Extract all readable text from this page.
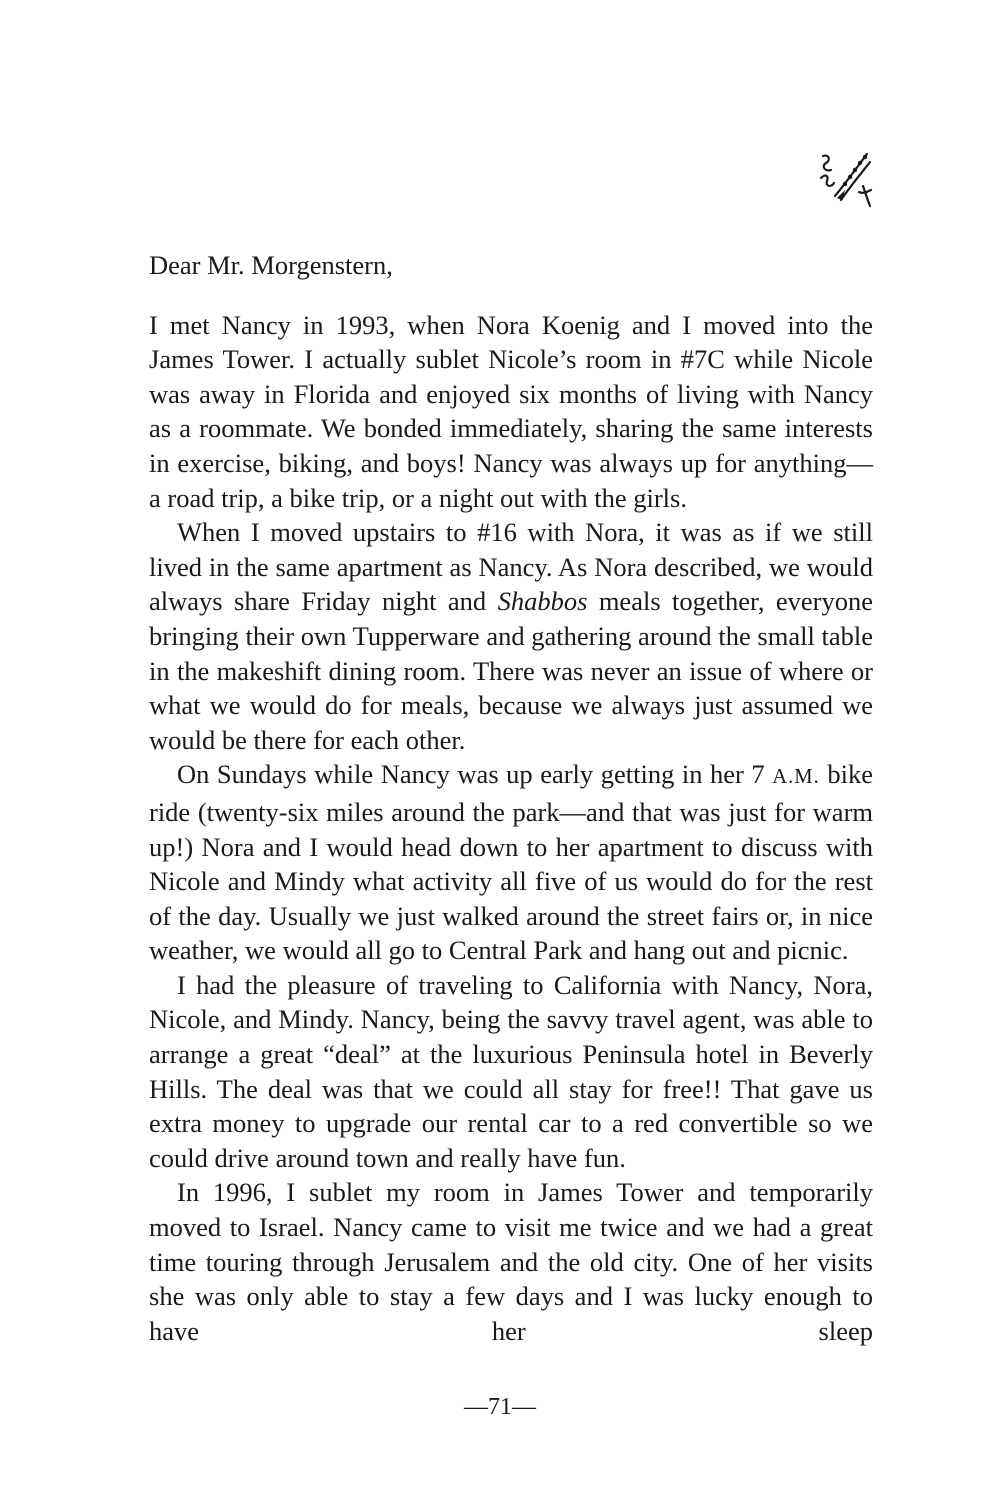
Dear Mr. Morgenstern,

I met Nancy in 1993, when Nora Koenig and I moved into the James Tower. I actually sublet Nicole’s room in #7C while Nicole was away in Florida and enjoyed six months of living with Nancy as a roommate. We bonded immediately, sharing the same interests in exercise, biking, and boys! Nancy was always up for anything— a road trip, a bike trip, or a night out with the girls.

When I moved upstairs to #16 with Nora, it was as if we still lived in the same apartment as Nancy. As Nora described, we would always share Friday night and Shabbos meals together, everyone bringing their own Tupperware and gathering around the small table in the makeshift dining room. There was never an issue of where or what we would do for meals, because we always just assumed we would be there for each other.

On Sundays while Nancy was up early getting in her 7 A.M. bike ride (twenty-six miles around the park—and that was just for warm up!) Nora and I would head down to her apartment to discuss with Nicole and Mindy what activity all five of us would do for the rest of the day. Usually we just walked around the street fairs or, in nice weather, we would all go to Central Park and hang out and picnic.

I had the pleasure of traveling to California with Nancy, Nora, Nicole, and Mindy. Nancy, being the savvy travel agent, was able to arrange a great “deal” at the luxurious Peninsula hotel in Beverly Hills. The deal was that we could all stay for free!! That gave us extra money to upgrade our rental car to a red convertible so we could drive around town and really have fun.

In 1996, I sublet my room in James Tower and temporarily moved to Israel. Nancy came to visit me twice and we had a great time touring through Jerusalem and the old city. One of her visits she was only able to stay a few days and I was lucky enough to have her sleep

—71—
